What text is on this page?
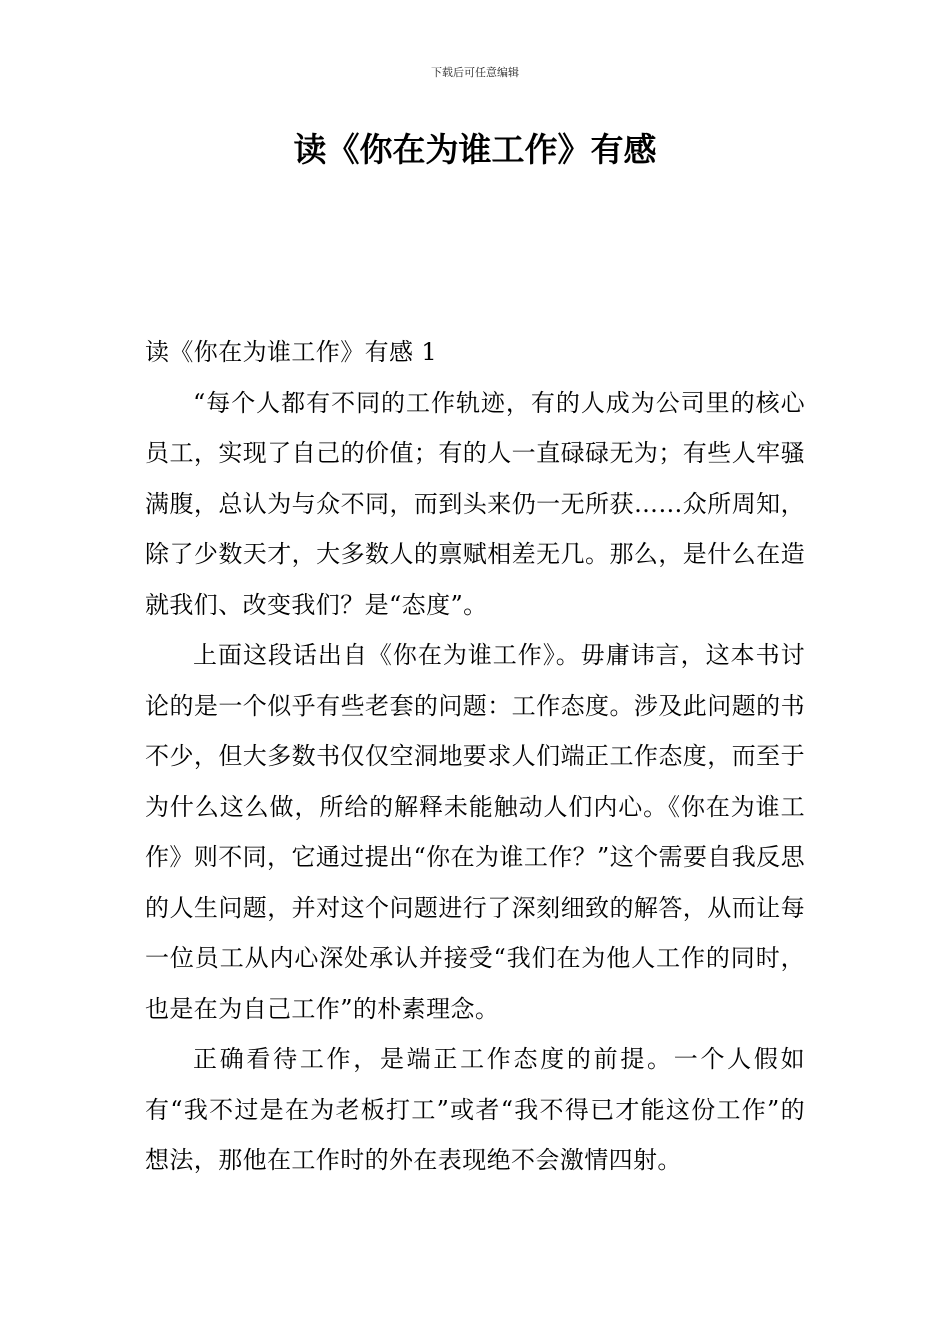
下载后可任意编辑
读《你在为谁工作》有感

读《你在为谁工作》有感 1

“每个人都有不同的工作轨迹，有的人成为公司里的核心员工，实现了自己的价值；有的人一直碌碌无为；有些人牢骚满腹，总认为与众不同，而到头来仍一无所获……众所周知，除了少数天才，大多数人的禀赋相差无几。那么，是什么在造就我们、改变我们？是“态度”。

上面这段话出自《你在为谁工作》。毋庸讳言，这本书讨论的是一个似乎有些老套的问题：工作态度。涉及此问题的书不少，但大多数书仅仅空洞地要求人们端正工作态度，而至于为什么这么做，所给的解释未能触动人们内心。《你在为谁工作》则不同，它通过提出“你在为谁工作？”这个需要自我反思的人生问题，并对这个问题进行了深刻细致的解答，从而让每一位员工从内心深处承认并接受“我们在为他人工作的同时，也是在为自己工作”的朴素理念。

正确看待工作，是端正工作态度的前提。一个人假如有“我不过是在为老板打工”或者“我不得已才能这份工作”的想法，那他在工作时的外在表现绝不会激情四射。
